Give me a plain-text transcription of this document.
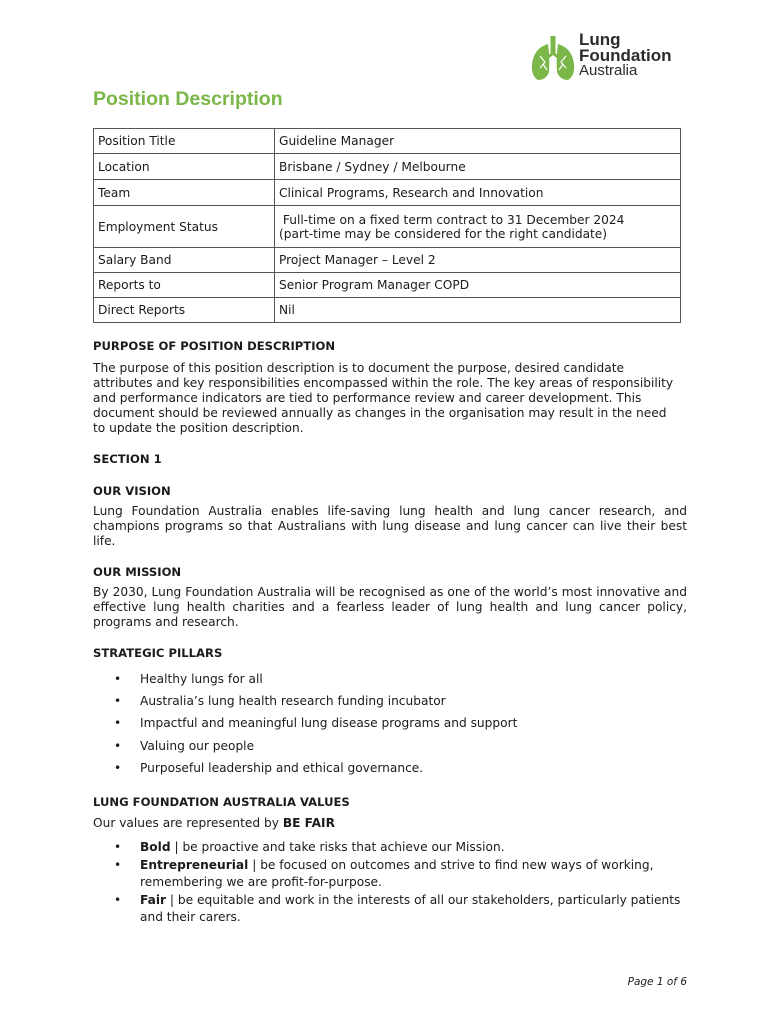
Lung
Foundation
Australia
Position Description
Position Title	Guideline Manager
Location	Brisbane / Sydney / Melbourne
Team	Clinical Programs, Research and Innovation
Employment Status	Full-time on a fixed term contract to 31 December 2024
(part-time may be considered for the right candidate)

Salary Band	Project Manager – Level 2
Reports to	Senior Program Manager COPD
Direct Reports	Nil
PURPOSE OF POSITION DESCRIPTION
The purpose of this position description is to document the purpose, desired candidate
attributes and key responsibilities encompassed within the role. The key areas of responsibility
and performance indicators are tied to performance review and career development. This
document should be reviewed annually as changes in the organisation may result in the need
to update the position description.
SECTION 1
OUR VISION
Lung Foundation Australia enables life-saving lung health and lung cancer research, and champions programs so that Australians with lung disease and lung cancer can live their best life.
OUR MISSION
By 2030, Lung Foundation Australia will be recognised as one of the world’s most innovative and effective lung health charities and a fearless leader of lung health and lung cancer policy, programs and research.
STRATEGIC PILLARS
• Healthy lungs for all
• Australia’s lung health research funding incubator
• Impactful and meaningful lung disease programs and support
• Valuing our people
• Purposeful leadership and ethical governance.
LUNG FOUNDATION AUSTRALIA VALUES
Our values are represented by BE FAIR
• Bold | be proactive and take risks that achieve our Mission.
• Entrepreneurial | be focused on outcomes and strive to find new ways of working,
remembering we are profit-for-purpose.
• Fair | be equitable and work in the interests of all our stakeholders, particularly patients
and their carers.
Page 1 of 6
